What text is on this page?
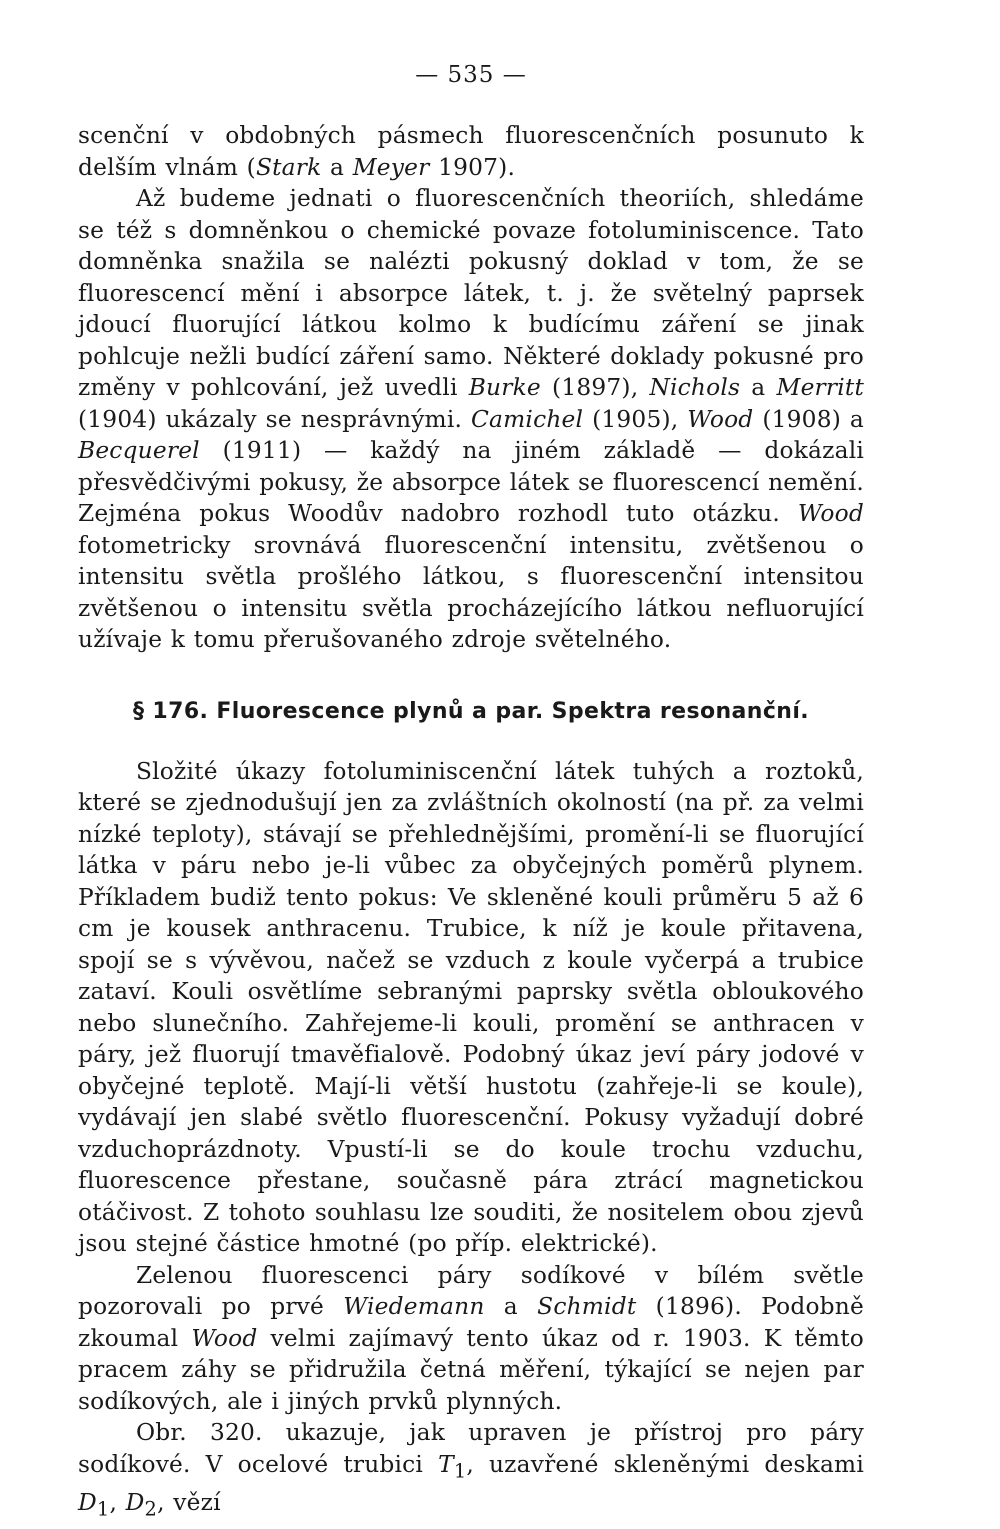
— 535 —

scenční v obdobných pásmech fluorescenčních posunuto k delším vlnám (Stark a Meyer 1907).

Až budeme jednati o fluorescenčních theoriích, shledáme se též s domněnkou o chemické povaze fotoluminiscence. Tato domněnka snažila se nalézti pokusný doklad v tom, že se fluorescencí mění i absorpce látek, t. j. že světelný paprsek jdoucí fluorující látkou kolmo k budícímu záření se jinak pohlcuje nežli budící záření samo. Některé doklady pokusné pro změny v pohlcování, jež uvedli Burke (1897), Nichols a Merritt (1904) ukázaly se nesprávnými. Camichel (1905), Wood (1908) a Becquerel (1911) — každý na jiném základě — dokázali přesvědčivými pokusy, že absorpce látek se fluorescencí nemění. Zejména pokus Woodův nadobro rozhodl tuto otázku. Wood fotometricky srovnává fluorescenční intensitu, zvětšenou o intensitu světla prošlého látkou, s fluorescenční intensitou zvětšenou o intensitu světla procházejícího látkou nefluorující užívaje k tomu přerušovaného zdroje světelného.

§ 176. Fluorescence plynů a par. Spektra resonanční.

Složité úkazy fotoluminiscenční látek tuhých a roztoků, které se zjednodušují jen za zvláštních okolností (na př. za velmi nízké teploty), stávají se přehlednějšími, promění-li se fluorující látka v páru nebo je-li vůbec za obyčejných poměrů plynem. Příkladem budiž tento pokus: Ve skleněné kouli průměru 5 až 6 cm je kousek anthracenu. Trubice, k níž je koule přitavena, spojí se s vývěvou, načež se vzduch z koule vyčerpá a trubice zataví. Kouli osvětlíme sebranými paprsky světla obloukového nebo slunečního. Zahřejeme-li kouli, promění se anthracen v páry, jež fluorují tmavěfialově. Podobný úkaz jeví páry jodové v obyčejné teplotě. Mají-li větší hustotu (zahřeje-li se koule), vydávají jen slabé světlo fluorescenční. Pokusy vyžadují dobré vzduchoprázdnoty. Vpustí-li se do koule trochu vzduchu, fluorescence přestane, současně pára ztrácí magnetickou otáčivost. Z tohoto souhlasu lze souditi, že nositelem obou zjevů jsou stejné částice hmotné (po příp. elektrické).

Zelenou fluorescenci páry sodíkové v bílém světle pozorovali po prvé Wiedemann a Schmidt (1896). Podobně zkoumal Wood velmi zajímavý tento úkaz od r. 1903. K těmto pracem záhy se přidružila četná měření, týkající se nejen par sodíkových, ale i jiných prvků plynných.

Obr. 320. ukazuje, jak upraven je přístroj pro páry sodíkové. V ocelové trubici $T_1$, uzavřené skleněnými deskami $D_1$, $D_2$, vězí
